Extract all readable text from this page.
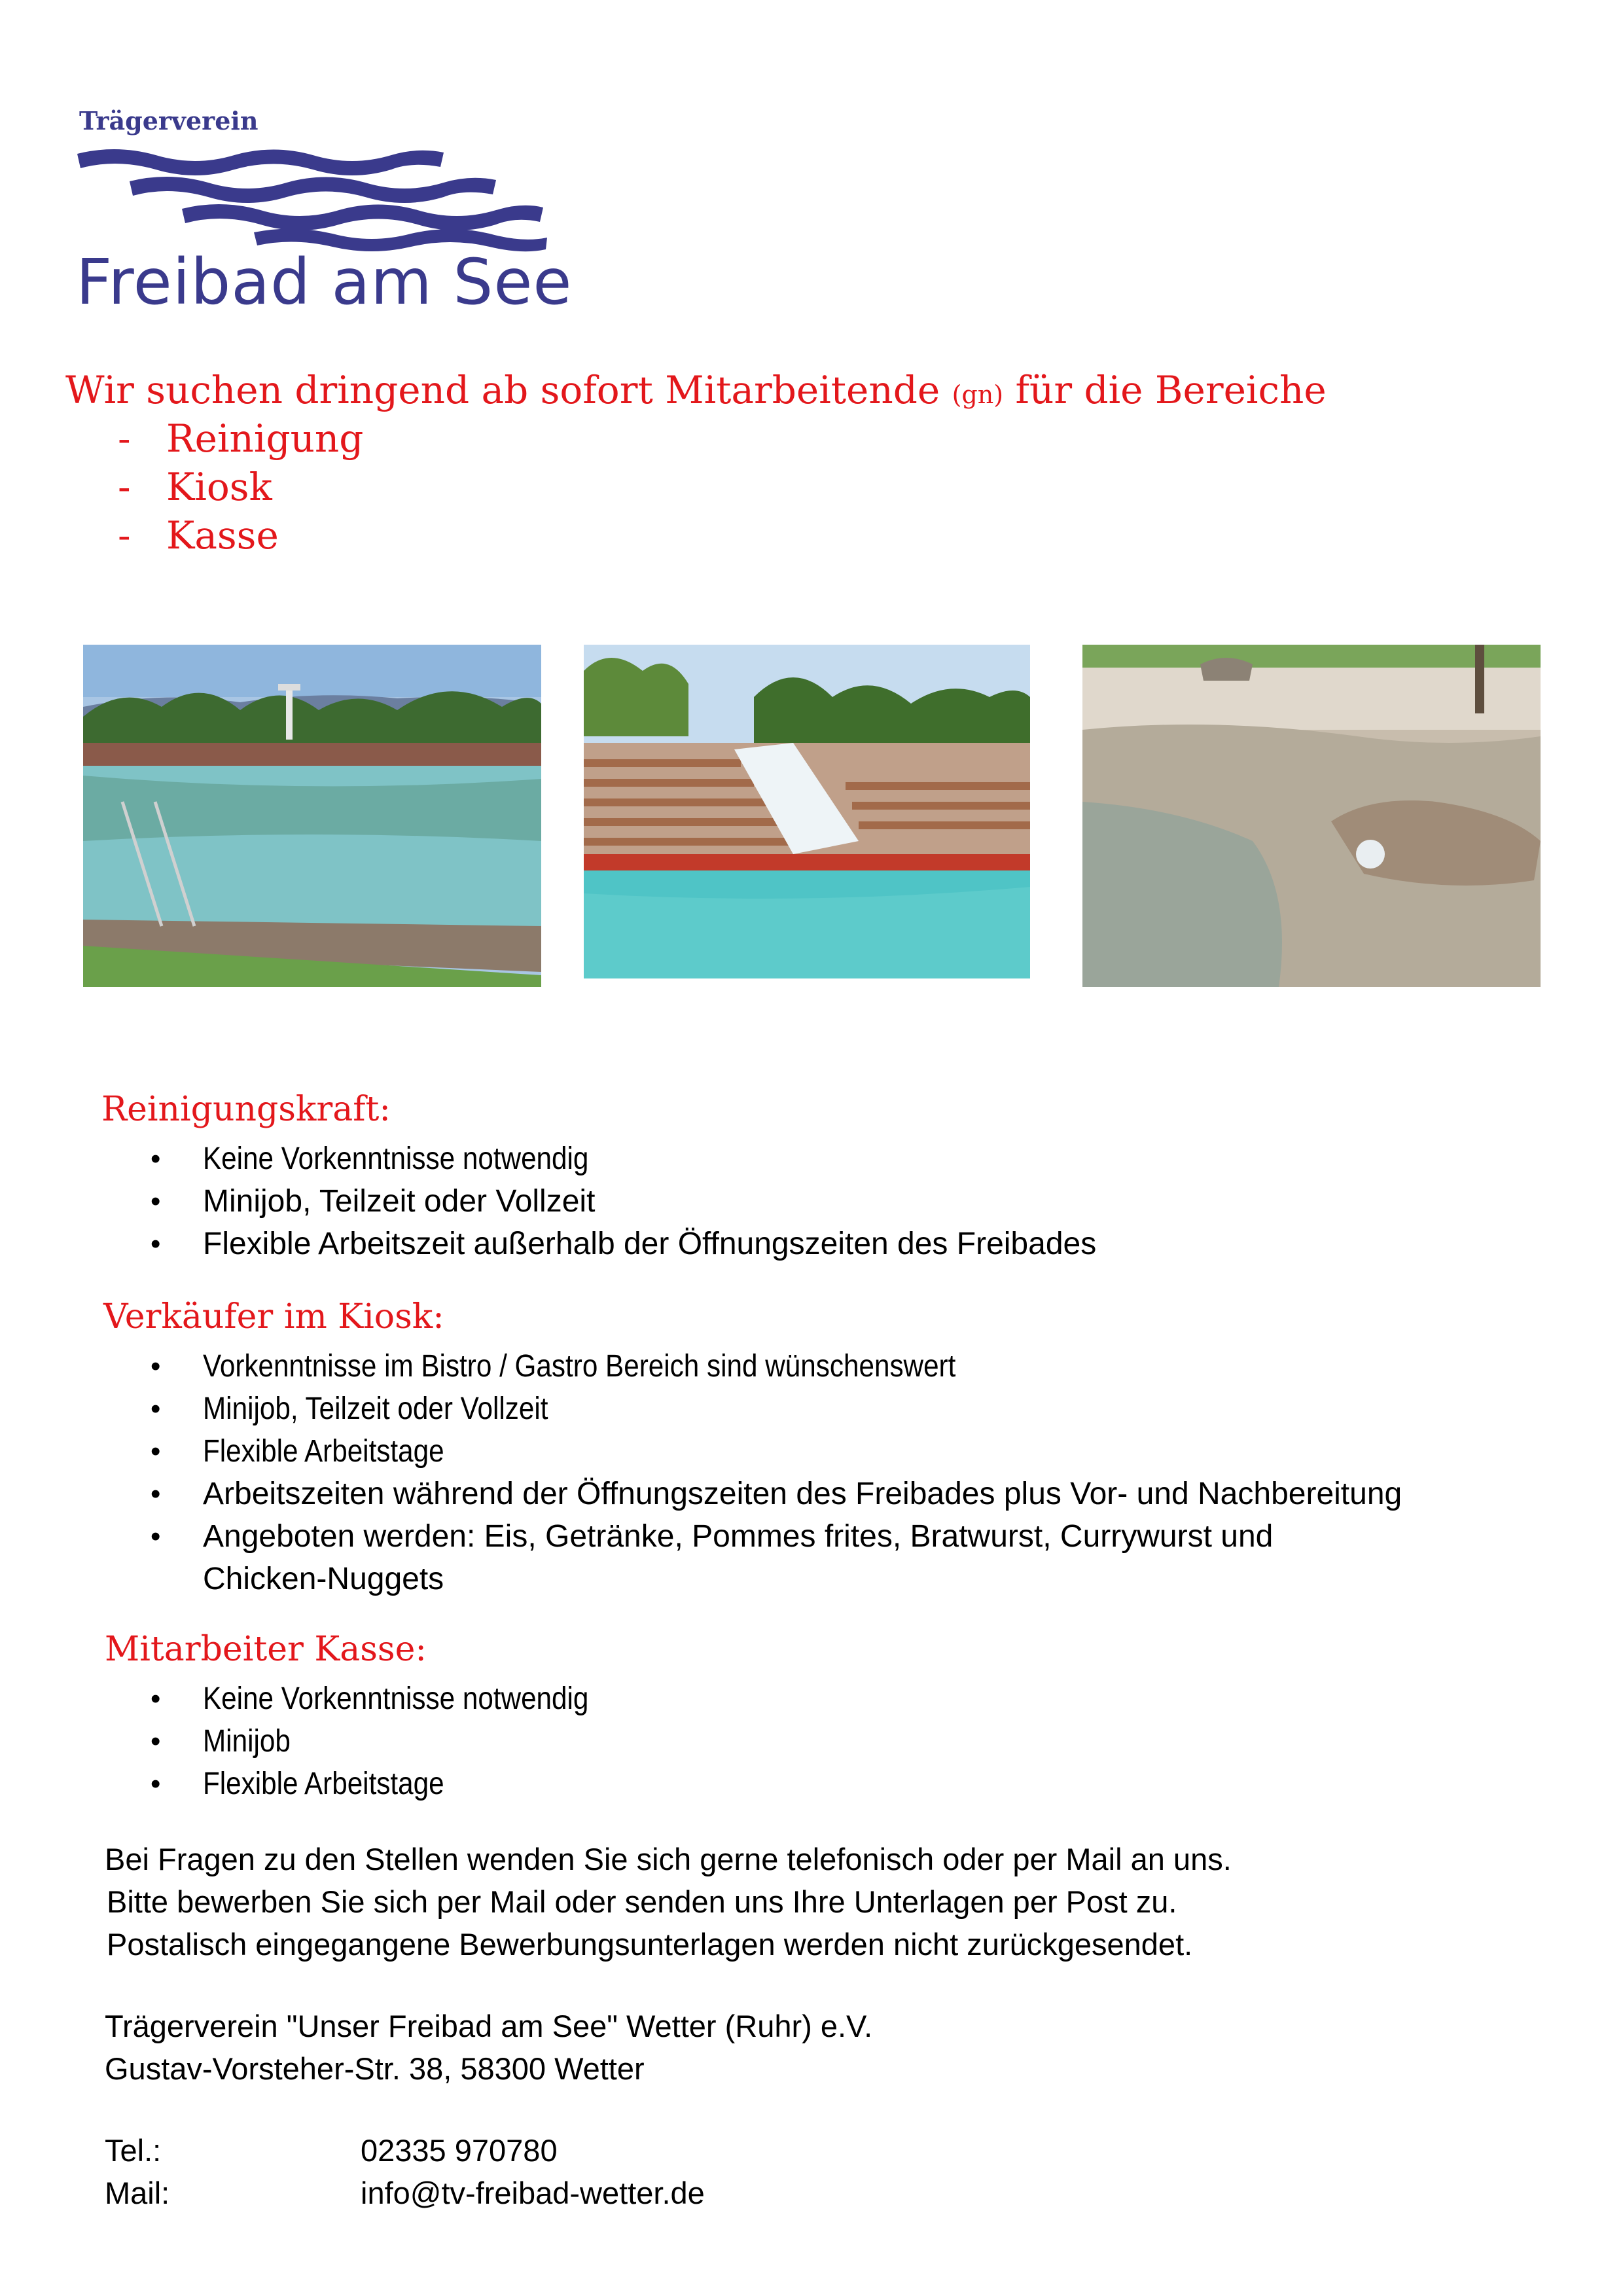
Trägerverein
Freibad am See
Wir suchen dringend ab sofort Mitarbeitende (gn) für die Bereiche
- Reinigung
- Kiosk
- Kasse
Reinigungskraft:
• Keine Vorkenntnisse notwendig
• Minijob, Teilzeit oder Vollzeit
• Flexible Arbeitszeit außerhalb der Öffnungszeiten des Freibades
Verkäufer im Kiosk:
• Vorkenntnisse im Bistro / Gastro Bereich sind wünschenswert
• Minijob, Teilzeit oder Vollzeit
• Flexible Arbeitstage
• Arbeitszeiten während der Öffnungszeiten des Freibades plus Vor- und Nachbereitung
• Angeboten werden: Eis, Getränke, Pommes frites, Bratwurst, Currywurst und
Chicken-Nuggets
Mitarbeiter Kasse:
• Keine Vorkenntnisse notwendig
• Minijob
• Flexible Arbeitstage
Bei Fragen zu den Stellen wenden Sie sich gerne telefonisch oder per Mail an uns.
Bitte bewerben Sie sich per Mail oder senden uns Ihre Unterlagen per Post zu.
Postalisch eingegangene Bewerbungsunterlagen werden nicht zurückgesendet.
Trägerverein "Unser Freibad am See" Wetter (Ruhr) e.V.
Gustav-Vorsteher-Str. 38, 58300 Wetter
Tel.:	02335 970780
Mail:	info@tv-freibad-wetter.de
